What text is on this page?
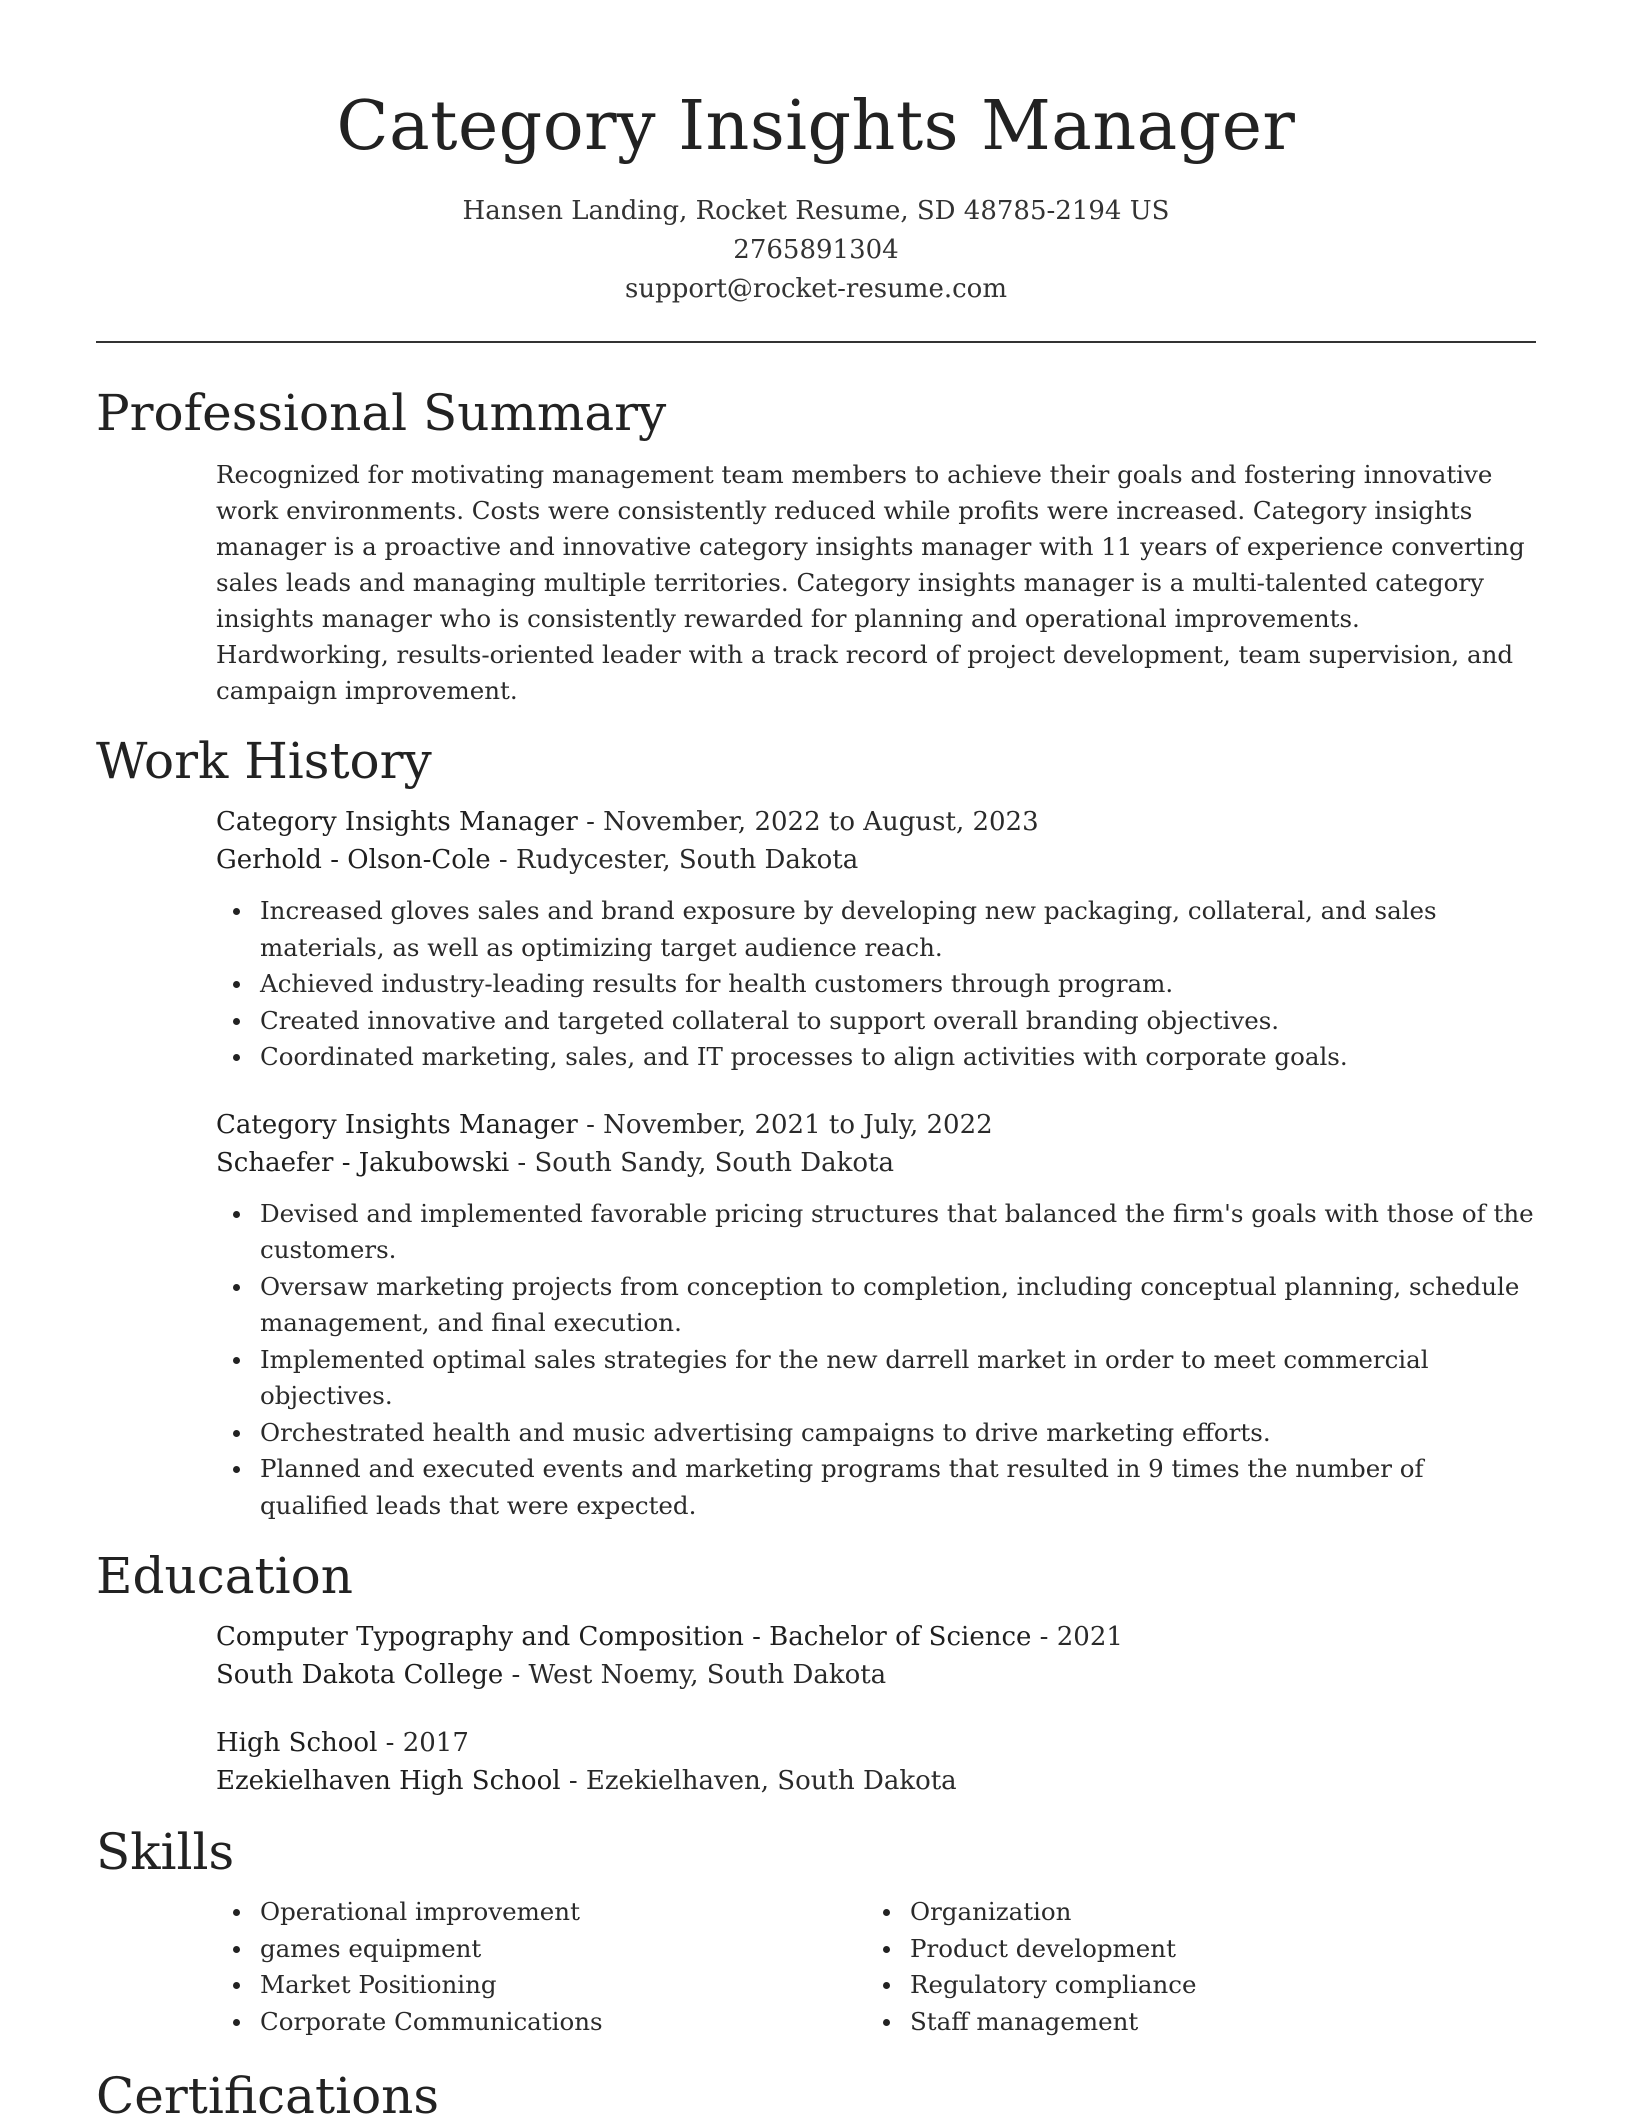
Category Insights Manager
Hansen Landing, Rocket Resume, SD 48785-2194 US
2765891304
support@rocket-resume.com
Professional Summary

Recognized for motivating management team members to achieve their goals and fostering innovative work environments. Costs were consistently reduced while profits were increased. Category insights manager is a proactive and innovative category insights manager with 11 years of experience converting sales leads and managing multiple territories. Category insights manager is a multi-talented category insights manager who is consistently rewarded for planning and operational improvements. Hardworking, results-oriented leader with a track record of project development, team supervision, and campaign improvement.

Work History
Category Insights Manager - November, 2022 to August, 2023
Gerhold - Olson-Cole - Rudycester, South Dakota
Increased gloves sales and brand exposure by developing new packaging, collateral, and sales materials, as well as optimizing target audience reach.
Achieved industry-leading results for health customers through program.
Created innovative and targeted collateral to support overall branding objectives.
Coordinated marketing, sales, and IT processes to align activities with corporate goals.
Category Insights Manager - November, 2021 to July, 2022
Schaefer - Jakubowski - South Sandy, South Dakota
Devised and implemented favorable pricing structures that balanced the firm's goals with those of the customers.
Oversaw marketing projects from conception to completion, including conceptual planning, schedule management, and final execution.
Implemented optimal sales strategies for the new darrell market in order to meet commercial objectives.
Orchestrated health and music advertising campaigns to drive marketing efforts.
Planned and executed events and marketing programs that resulted in 9 times the number of qualified leads that were expected.
Education
Computer Typography and Composition - Bachelor of Science - 2021
South Dakota College - West Noemy, South Dakota
High School - 2017
Ezekielhaven High School - Ezekielhaven, South Dakota
Skills
Operational improvement
games equipment
Market Positioning
Corporate Communications
Organization
Product development
Regulatory compliance
Staff management
Certifications
